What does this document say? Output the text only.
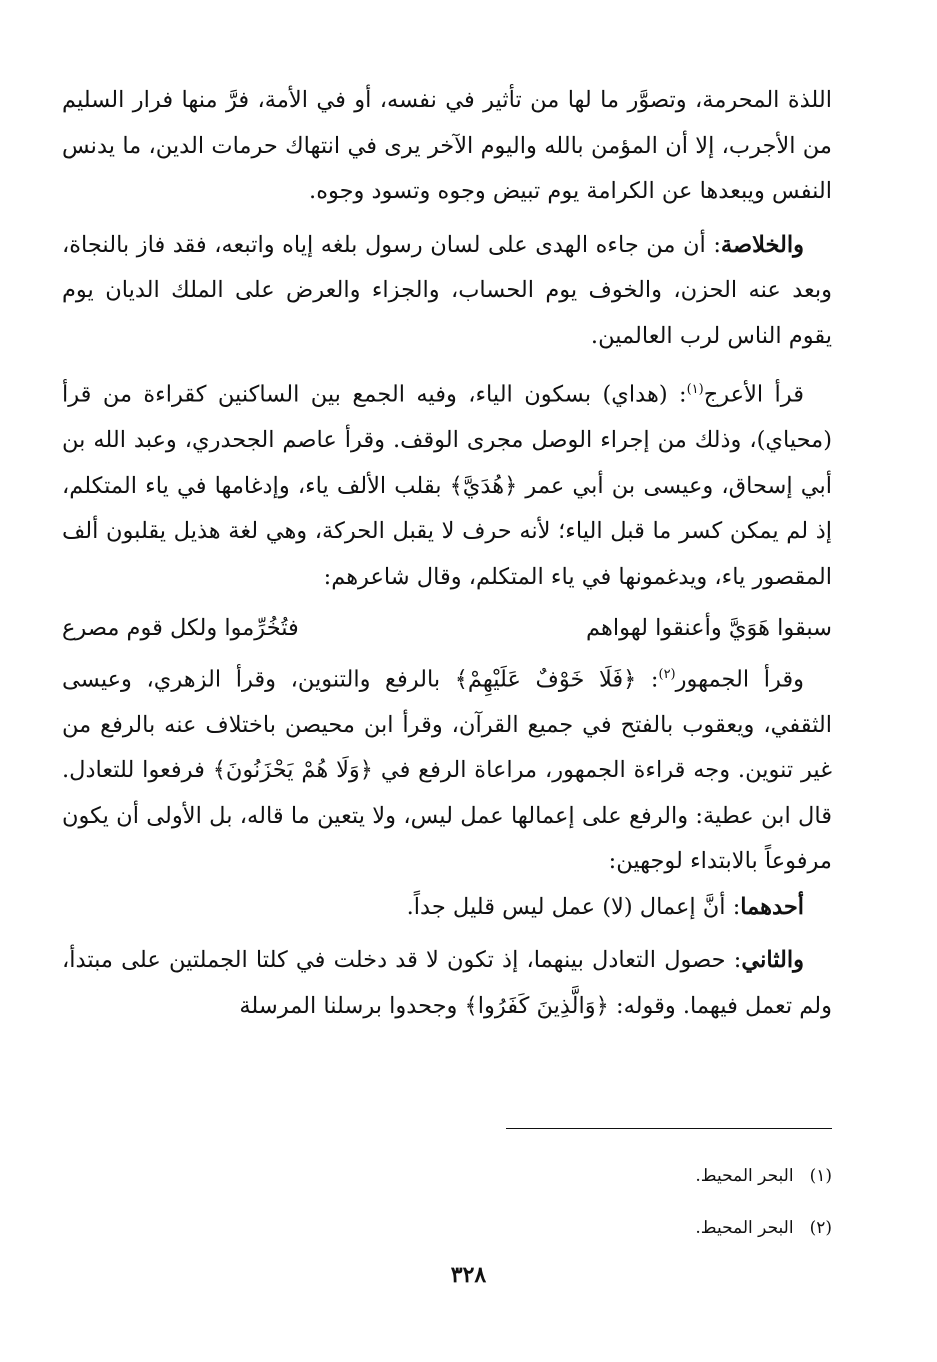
اللذة المحرمة، وتصوَّر ما لها من تأثير في نفسه، أو في الأمة، فرَّ منها فرار السليم من الأجرب، إلا أن المؤمن بالله واليوم الآخر يرى في انتهاك حرمات الدين، ما يدنس النفس ويبعدها عن الكرامة يوم تبيض وجوه وتسود وجوه.

والخلاصة: أن من جاءه الهدى على لسان رسول بلغه إياه واتبعه، فقد فاز بالنجاة، وبعد عنه الحزن، والخوف يوم الحساب، والجزاء والعرض على الملك الديان يوم يقوم الناس لرب العالمين.

قرأ الأعرج$^{(١)}$: (هداي) بسكون الياء، وفيه الجمع بين الساكنين كقراءة من قرأ (محياي)، وذلك من إجراء الوصل مجرى الوقف. وقرأ عاصم الجحدري، وعبد الله بن أبي إسحاق، وعيسى بن أبي عمر ﴿هُدَيَّ﴾ بقلب الألف ياء، وإدغامها في ياء المتكلم، إذ لم يمكن كسر ما قبل الياء؛ لأنه حرف لا يقبل الحركة، وهي لغة هذيل يقلبون ألف المقصور ياء، ويدغمونها في ياء المتكلم، وقال شاعرهم:

سبقوا هَوَيَّ وأعنقوا لهواهم
فتُخُرِّموا ولكل قوم مصرع

وقرأ الجمهور$^{(٢)}$: ﴿فَلَا خَوْفٌ عَلَيْهِمْ﴾ بالرفع والتنوين، وقرأ الزهري، وعيسى الثقفي، ويعقوب بالفتح في جميع القرآن، وقرأ ابن محيصن باختلاف عنه بالرفع من غير تنوين. وجه قراءة الجمهور، مراعاة الرفع في ﴿وَلَا هُمْ يَحْزَنُونَ﴾ فرفعوا للتعادل. قال ابن عطية: والرفع على إعمالها عمل ليس، ولا يتعين ما قاله، بل الأولى أن يكون مرفوعاً بالابتداء لوجهين:

أحدهما: أنَّ إعمال (لا) عمل ليس قليل جداً.

والثاني: حصول التعادل بينهما، إذ تكون لا قد دخلت في كلتا الجملتين على مبتدأ، ولم تعمل فيهما. وقوله: ﴿وَالَّذِينَ كَفَرُوا﴾ وجحدوا برسلنا المرسلة

(١)البحر المحيط.
(٢)البحر المحيط.
٣٢٨
